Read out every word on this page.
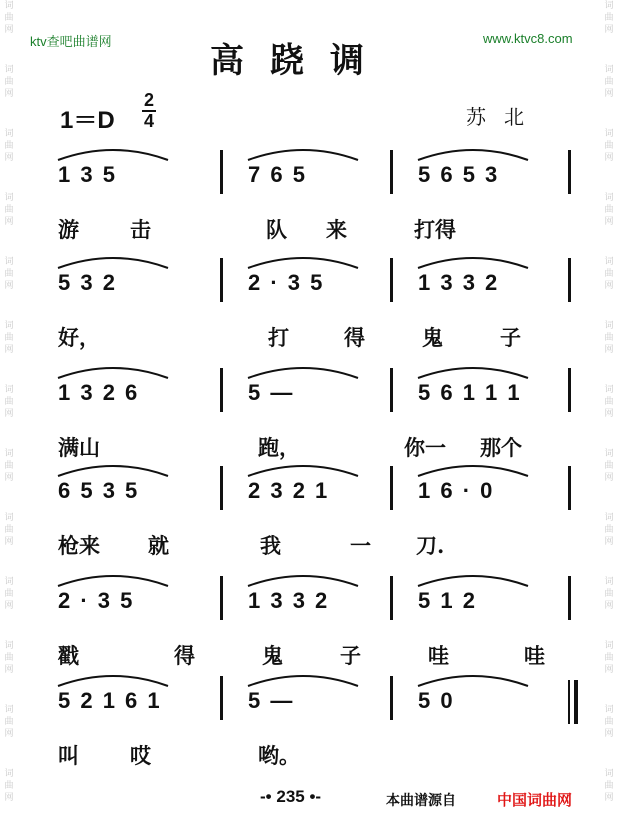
词
曲
网
词
曲
网
词
曲
网
词
曲
网
词
曲
网
词
曲
网
词
曲
网
词
曲
网
词
曲
网
词
曲
网
词
曲
网
词
曲
网
词
曲
网
词
曲
网
词
曲
网
词
曲
网
词
曲
网
词
曲
网
词
曲
网
词
曲
网
词
曲
网
词
曲
网
词
曲
网
词
曲
网
词
曲
网
词
曲
网
ktv查吧曲谱网	www.ktvc8.com
高跷调
1＝D
2
4	苏北
1 3 5	7 6 5	5 6 5 3
游 击	队 来	打得
5 3 2	2 · 3 5	1 3 3 2
好，	打	得	鬼	子
1 3 2 6	5 —	5 6 1 1 1
满山	跑，	你一 那个
6 5 3 5	2 3 2 1	1 6 · 0
枪来 就	我	一 刀.
2 · 3 5	1 3 3 2	5 1 2
戳	得	鬼	子	哇	哇
5 2 1 6 1	5 —	5 0
叫 哎	哟。
-• 235 •-	本曲谱源自	中国词曲网
